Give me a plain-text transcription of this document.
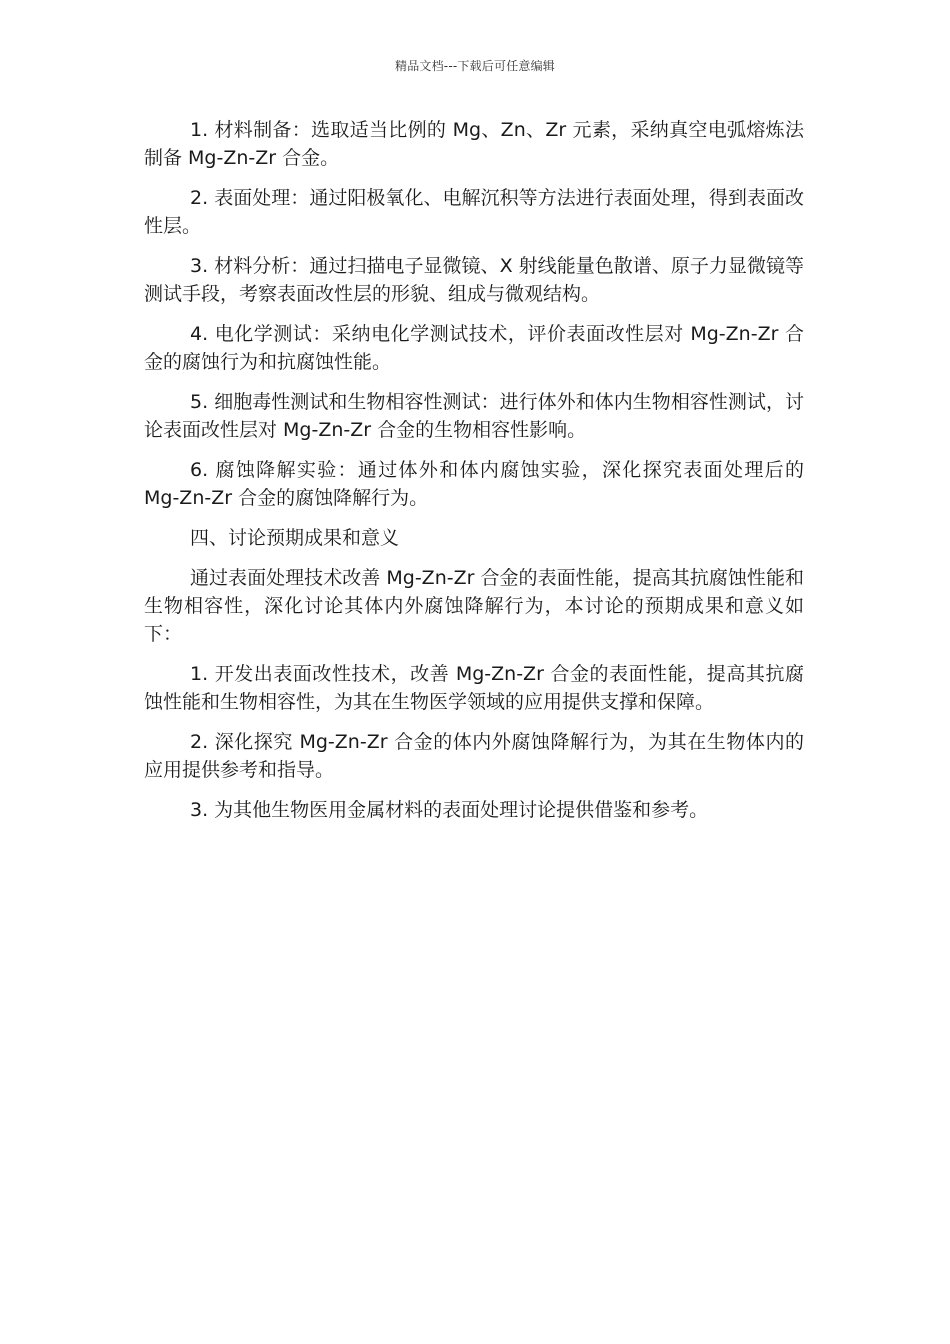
精品文档---下载后可任意编辑

1. 材料制备：选取适当比例的 Mg、Zn、Zr 元素，采纳真空电弧熔炼法制备 Mg-Zn-Zr 合金。

2. 表面处理：通过阳极氧化、电解沉积等方法进行表面处理，得到表面改性层。

3. 材料分析：通过扫描电子显微镜、X 射线能量色散谱、原子力显微镜等测试手段，考察表面改性层的形貌、组成与微观结构。

4. 电化学测试：采纳电化学测试技术，评价表面改性层对 Mg-Zn-Zr 合金的腐蚀行为和抗腐蚀性能。

5. 细胞毒性测试和生物相容性测试：进行体外和体内生物相容性测试，讨论表面改性层对 Mg-Zn-Zr 合金的生物相容性影响。

6. 腐蚀降解实验：通过体外和体内腐蚀实验，深化探究表面处理后的 Mg-Zn-Zr 合金的腐蚀降解行为。

四、讨论预期成果和意义

通过表面处理技术改善 Mg-Zn-Zr 合金的表面性能，提高其抗腐蚀性能和生物相容性，深化讨论其体内外腐蚀降解行为，本讨论的预期成果和意义如下：

1. 开发出表面改性技术，改善 Mg-Zn-Zr 合金的表面性能，提高其抗腐蚀性能和生物相容性，为其在生物医学领域的应用提供支撑和保障。

2. 深化探究 Mg-Zn-Zr 合金的体内外腐蚀降解行为，为其在生物体内的应用提供参考和指导。

3. 为其他生物医用金属材料的表面处理讨论提供借鉴和参考。
